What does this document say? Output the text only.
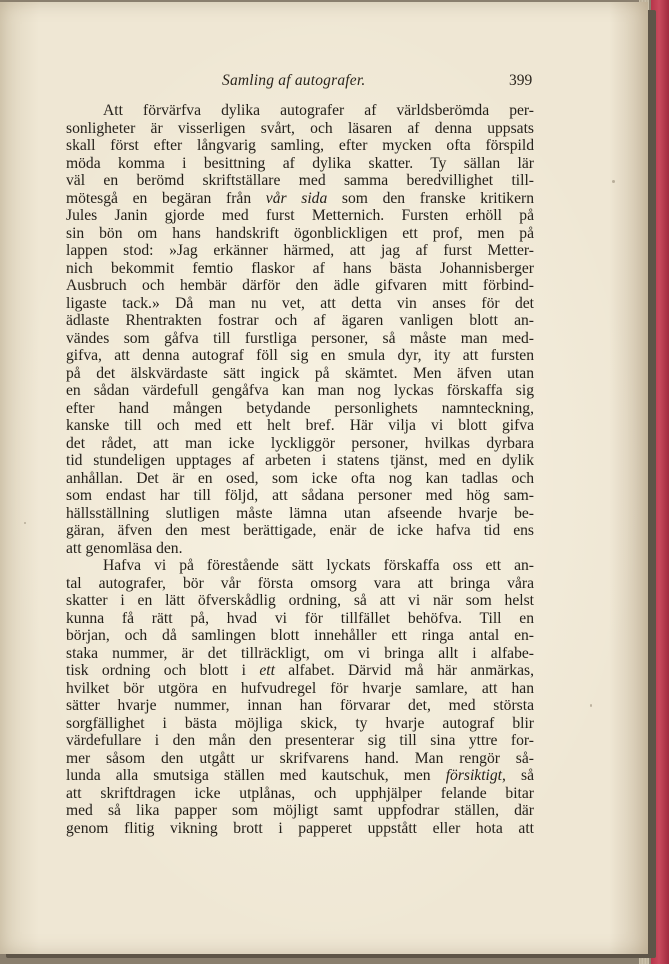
Samling af autografer.	399

Att förvärfva dylika autografer af världsberömda per-

sonligheter är visserligen svårt, och läsaren af denna uppsats
skall först efter långvarig samling, efter mycken ofta förspild
möda komma i besittning af dylika skatter. Ty sällan lär
väl en berömd skriftställare med samma beredvillighet till-
mötesgå en begäran från vår sida som den franske kritikern
Jules Janin gjorde med furst Metternich. Fursten erhöll på
sin bön om hans handskrift ögonblickligen ett prof, men på
lappen stod: »Jag erkänner härmed, att jag af furst Metter-
nich bekommit femtio flaskor af hans bästa Johannisberger
Ausbruch och hembär därför den ädle gifvaren mitt förbind-
ligaste tack.» Då man nu vet, att detta vin anses för det
ädlaste Rhentrakten fostrar och af ägaren vanligen blott an-
vändes som gåfva till furstliga personer, så måste man med-
gifva, att denna autograf föll sig en smula dyr, ity att fursten
på det älskvärdaste sätt ingick på skämtet. Men äfven utan
en sådan värdefull gengåfva kan man nog lyckas förskaffa sig
efter hand mången betydande personlighets namnteckning,
kanske till och med ett helt bref. Här vilja vi blott gifva
det rådet, att man icke lyckliggör personer, hvilkas dyrbara
tid stundeligen upptages af arbeten i statens tjänst, med en dylik
anhållan. Det är en osed, som icke ofta nog kan tadlas och
som endast har till följd, att sådana personer med hög sam-
hällsställning slutligen måste lämna utan afseende hvarje be-
gäran, äfven den mest berättigade, enär de icke hafva tid ens
att genomläsa den.
Hafva vi på förestående sätt lyckats förskaffa oss ett an-
tal autografer, bör vår första omsorg vara att bringa våra
skatter i en lätt öfverskådlig ordning, så att vi när som helst
kunna få rätt på, hvad vi för tillfället behöfva. Till en
början, och då samlingen blott innehåller ett ringa antal en-
staka nummer, är det tillräckligt, om vi bringa allt i alfabe-
tisk ordning och blott i ett alfabet. Därvid må här anmärkas,
hvilket bör utgöra en hufvudregel för hvarje samlare, att han
sätter hvarje nummer, innan han förvarar det, med största
sorgfällighet i bästa möjliga skick, ty hvarje autograf blir
värdefullare i den mån den presenterar sig till sina yttre for-
mer såsom den utgått ur skrifvarens hand. Man rengör så-
lunda alla smutsiga ställen med kautschuk, men försiktigt, så
att skriftdragen icke utplånas, och upphjälper felande bitar
med så lika papper som möjligt samt uppfodrar ställen, där
genom flitig vikning brott i papperet uppstått eller hota att
